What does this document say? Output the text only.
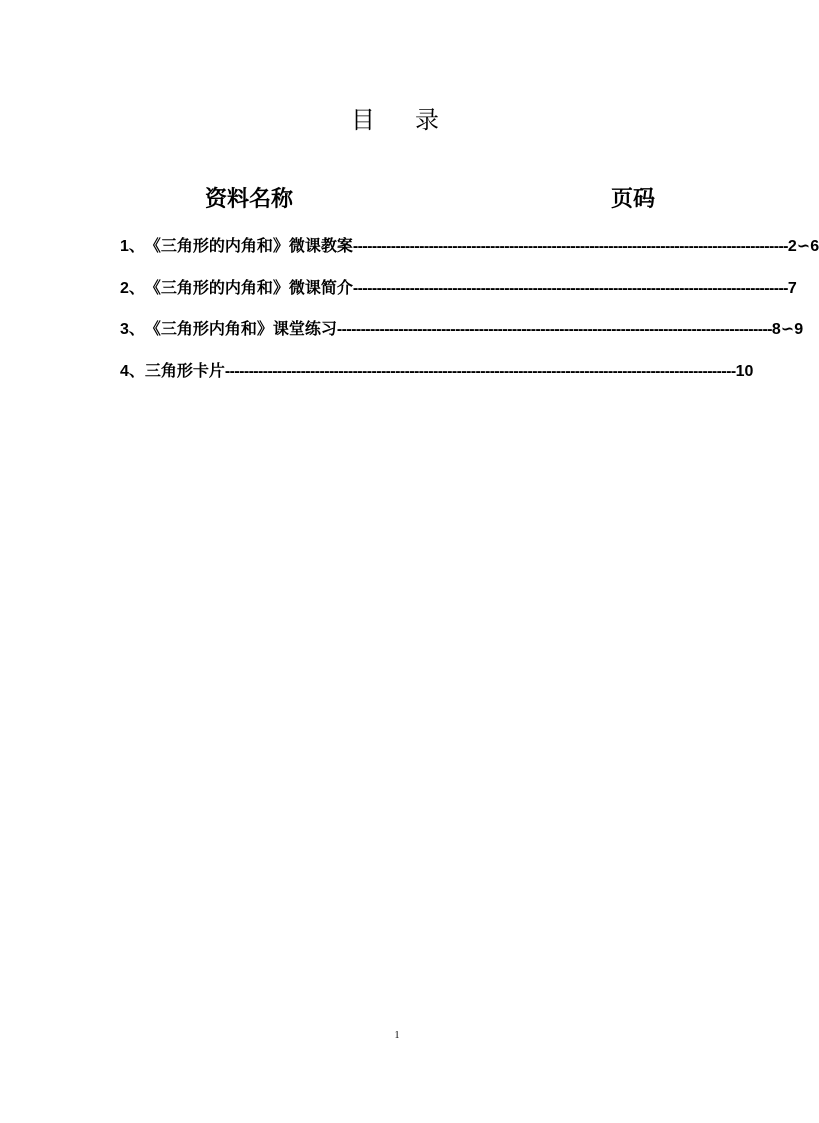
目 录
资料名称	页码
1、 《三角形的内角和》微课教案 -------------------------------------------------------------------------------------------- 2∽6
2、 《三角形的内角和》微课简介 -------------------------------------------------------------------------------------------- 7
3、 《三角形内角和》课堂练习 -------------------------------------------------------------------------------------------- 8∽9
4、 三角形卡片 ------------------------------------------------------------------------------------------------------------ 10
1
